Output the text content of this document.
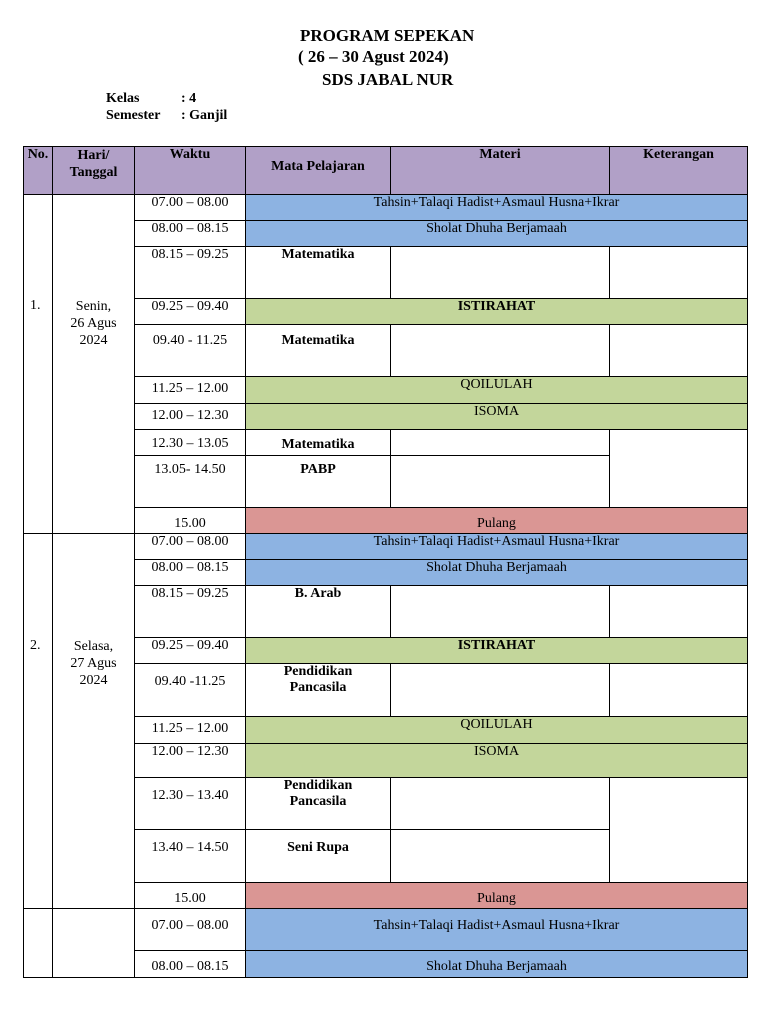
PROGRAM SEPEKAN
( 26 – 30 Agust 2024)
SDS JABAL NUR
Kelas	: 4
Semester : Ganjil
No.	Hari/
Tanggal	Waktu	Mata Pelajaran	Materi	Keterangan

1.	Senin,
26 Agus
2024	07.00 – 08.00	Tahsin+Talaqi Hadist+Asmaul Husna+Ikrar		
		08.00 – 08.15	Sholat Dhuha Berjamaah		
		08.15 – 09.25	Matematika		
		09.25 – 09.40	ISTIRAHAT		
		09.40 - 11.25	Matematika		
		11.25 – 12.00	QOILULAH		
		12.00 – 12.30	ISOMA		
		12.30 – 13.05	Matematika		
		13.05- 14.50	PABP		
		15.00	Pulang		

2.	Selasa,
27 Agus
2024	07.00 – 08.00	Tahsin+Talaqi Hadist+Asmaul Husna+Ikrar		
		08.00 – 08.15	Sholat Dhuha Berjamaah		
		08.15 – 09.25	B. Arab		
		09.25 – 09.40	ISTIRAHAT		
		09.40 -11.25	Pendidikan
Pancasila		

		11.25 – 12.00	QOILULAH		
		12.00 – 12.30	ISOMA		
		12.30 – 13.40	Pendidikan
Pancasila		

		13.40 – 14.50	Seni Rupa		
		15.00	Pulang		
		07.00 – 08.00	Tahsin+Talaqi Hadist+Asmaul Husna+Ikrar		
		08.00 – 08.15	Sholat Dhuha Berjamaah		
